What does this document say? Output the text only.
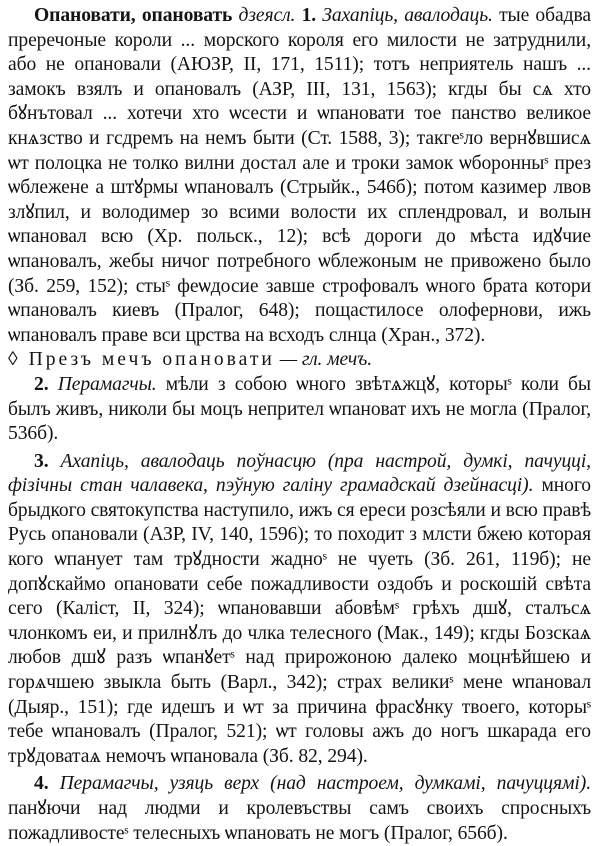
Опановати, опановать дзеясл. 1. Захапіць, авалодаць. тые обадва преречоные короли ... морского короля его милости не затруднили, або не опановали (АЮЗР, II, 171, 1511); тотъ неприятель нашъ ... замокъ взялъ и опановалъ (АЗР, III, 131, 1563); кгды бы сѧ хто бꙋнътовал ... хотечи хто ѡсести и ѡпановати тое панство великое кнѧзство и гсдремъ на немъ быти (Ст. 1588, 3); такгеˢло вернꙋвшисѧ ѡт полоцка не толко вилни достал але и троки замок ѡборонныˢ през ѡблежене а штꙋрмы ѡпановалъ (Стрыйк., 546б); потом казимер лвов злꙋпил, и володимер зо всими волости их сплендровал, и волын ѡпановал всю (Хр. польск., 12); всѣ дороги до мѣста идꙋчие ѡпановалъ, жебы ничог потребного ѡблежоным не привожено было (Зб. 259, 152); стыˢ феѡдосие завше строфовалъ ѡного брата котори ѡпановалъ киевъ (Пралог, 648); пощастилосе олофернови, ижь ѡпановалъ праве вси црства на всходъ слнца (Хран., 372).

◊ Презъ мечъ опановати — гл. мечъ.

2. Перамагчы. мѣли з собою ѡного звѣтѧжцꙋ, которыˢ коли бы былъ живъ, николи бы моцъ непрител ѡпановат ихъ не могла (Пралог, 536б).

3. Ахапіць, авалодаць поўнасцю (пра настрой, думкі, пачуцці, фізічны стан чалавека, пэўную галіну грамадскай дзейнасці). много брыдкого святокупства наступило, ижъ ся ереси розсѣяли и всю правѣ Русь опановали (АЗР, IV, 140, 1596); то походит з млсти бжею которая кого ѡпанует там трꙋдности жадноˢ не чуеть (Зб. 261, 119б); не допꙋскаймо опановати себе пожадливости оздобъ и роскошій свѣта сего (Каліст, II, 324); ѡпановавши абовѣмˢ грѣхъ дшꙋ, сталъсѧ члонкомъ еи, и прилнꙋлъ до члка телесного (Мак., 149); кгды Бозскаѧ любов дшꙋ разъ ѡпанꙋетˢ над прирожоною далеко моцнѣйшею и горѧчшею звыкла быть (Варл., 342); страх великиˢ мене ѡпановал (Дыяр., 151); где идешъ и ѡт за причина фрасꙋнку твоего, которыˢ тебе ѡпановалъ (Пралог, 521); ѡт головы ажъ до ногъ шкарада его трꙋдоватаѧ немочъ ѡпановала (Зб. 82, 294).

4. Перамагчы, узяць верх (над настроем, думкамі, пачуццямі). панꙋючи над людми и кролевъствы самъ своихъ спросныхъ пожадливостеˢ телесныхъ ѡпановать не могъ (Пралог, 656б).
